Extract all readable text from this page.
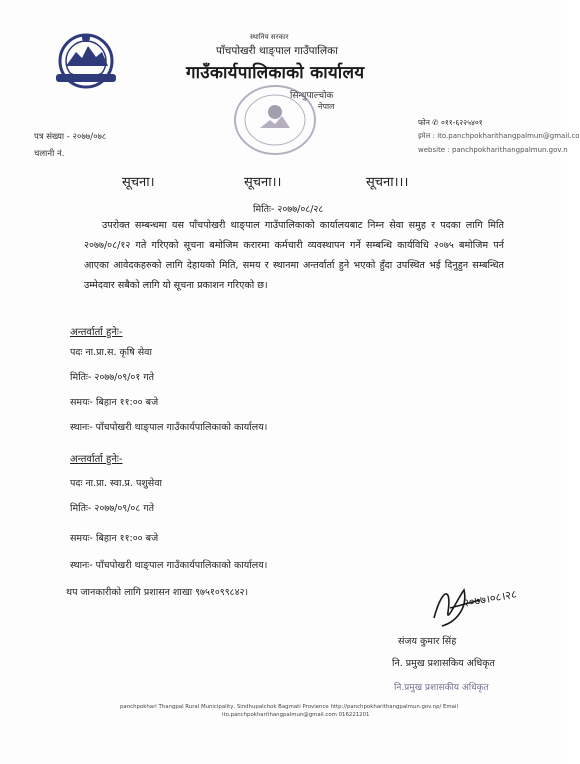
स्थानिय सरकार
पाँचपोखरी थाङ्पाल गाउँपालिका
गाउँकार्यपालिकाको कार्यालय
सिन्धुपाल्चोक
नेपाल
फोन ✆ ०११-६२२५४०१
इमेल : ito.panchpokharithangpalmun@gmail.co
website : panchpokharithangpalmun.gov.n
पत्र संख्या - २०७७/०७८
चलानी नं.
सूचना।	सूचना।।	सूचना।।।
मितिः- २०७७/०८/२८
उपरोक्त सम्बन्धमा यस पाँचपोखरी थाङ्पाल गाउँपालिकाको कार्यालयबाट निम्न सेवा समुह र पदका लागि मिति २०७७/०८/१२ गते गरिएको सूचना बमोजिम करारमा कर्मचारी व्यवस्थापन गर्ने सम्बन्धि कार्यविधि २०७५ बमोजिम पर्न आएका आवेदकहरुको लागि देहायको मिति, समय र स्थानमा अन्तर्वार्ता हुने भएको हुँदा उपस्थित भई दिनुहुन सम्बन्धित उम्मेदवार सबैको लागि यो सूचना प्रकाशन गरिएको छ।
अन्तर्वार्ता हुनेः-
पदः ना.प्रा.स. कृषि सेवा
मितिः- २०७७/०९/०१ गते
समयः- बिहान ११:०० बजे
स्थानः- पाँचपोखरी थाङ्पाल गाउँकार्यपालिकाको कार्यालय।
अन्तर्वार्ता हुनेः-
पदः ना.प्रा. स्वा.प्र. पशुसेवा
मितिः- २०७७/०९/०८ गते
समयः- बिहान ११:०० बजे
स्थानः- पाँचपोखरी थाङ्पाल गाउँकार्यपालिकाको कार्यालय।
थप जानकारीको लागि प्रशासन शाखा ९७५१०९९८४२।	२०७७।०८।२८
संजय कुमार सिंह
नि. प्रमुख प्रशासकिय अधिकृत
नि.प्रमुख प्रशासकीय अधिकृत
panchpokhari Thangpal Rural Municipality, Sindhupalchok Bagmati Provience http://panchpokharithangpalmun.gov.np/ Email
ito.panchpokharithangpalmun@gmail.com 016221201
